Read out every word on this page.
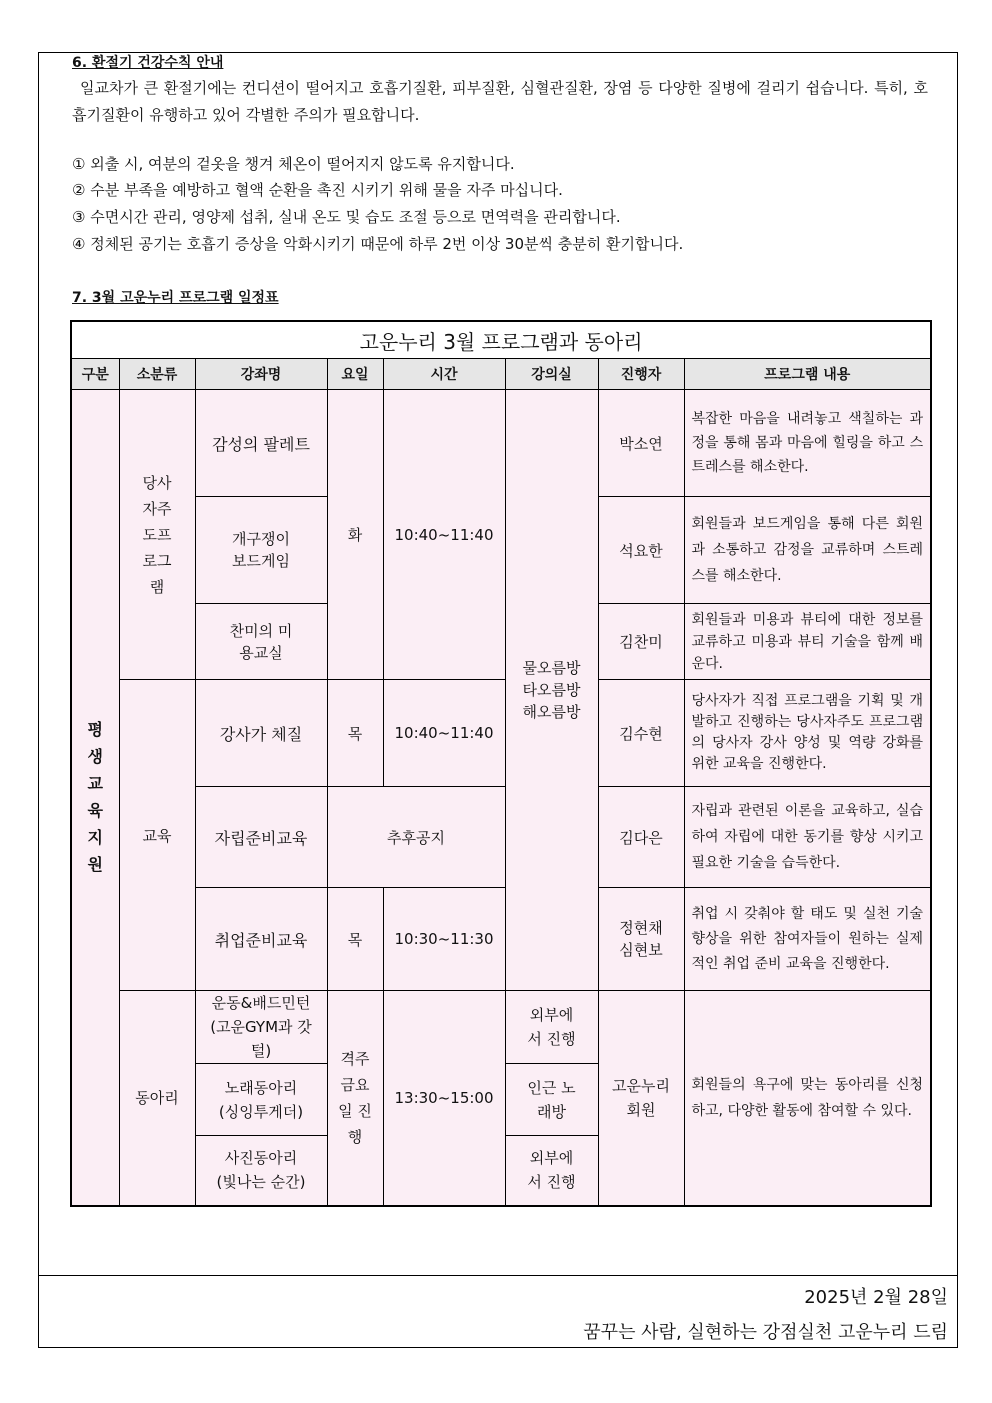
6. 환절기 건강수칙 안내
일교차가 큰 환절기에는 컨디션이 떨어지고 호흡기질환, 피부질환, 심혈관질환, 장염 등 다양한 질병에 걸리기 쉽습니다. 특히, 호흡기질환이 유행하고 있어 각별한 주의가 필요합니다.
① 외출 시, 여분의 겉옷을 챙겨 체온이 떨어지지 않도록 유지합니다.
② 수분 부족을 예방하고 혈액 순환을 촉진 시키기 위해 물을 자주 마십니다.
③ 수면시간 관리, 영양제 섭취, 실내 온도 및 습도 조절 등으로 면역력을 관리합니다.
④ 정체된 공기는 호흡기 증상을 악화시키기 때문에 하루 2번 이상 30분씩 충분히 환기합니다.
7. 3월 고운누리 프로그램 일정표
고운누리 3월 프로그램과 동아리							
구분	소분류	강좌명	요일	시간	강의실	진행자	프로그램 내용
평생교육지원	당사자주도프로그램	감성의 팔레트	화	10:40~11:40	물오름방 타오름방 해오름방	박소연	복잡한 마음을 내려놓고 색칠하는 과정을 통해 몸과 마음에 힐링을 하고 스트레스를 해소한다.
		개구쟁이 보드게임				석요한	회원들과 보드게임을 통해 다른 회원과 소통하고 감정을 교류하며 스트레스를 해소한다.
		찬미의 미용교실				김찬미	회원들과 미용과 뷰티에 대한 정보를 교류하고 미용과 뷰티 기술을 함께 배운다.
	교육	강사가 체질	목	10:40~11:40		김수현	당사자가 직접 프로그램을 기획 및 개발하고 진행하는 당사자주도 프로그램의 당사자 강사 양성 및 역량 강화를 위한 교육을 진행한다.
		자립준비교육	추후공지			김다은	자립과 관련된 이론을 교육하고, 실습하여 자립에 대한 동기를 향상 시키고 필요한 기술을 습득한다.
		취업준비교육	목	10:30~11:30		정현채 심현보	취업 시 갖춰야 할 태도 및 실천 기술 향상을 위한 참여자들이 원하는 실제적인 취업 준비 교육을 진행한다.
	동아리	운동&배드민턴 (고운GYM과 갓털)	격주 금요일 진행	13:30~15:00	외부에서 진행	고운누리 회원	회원들의 욕구에 맞는 동아리를 신청하고, 다양한 활동에 참여할 수 있다.
		노래동아리 (싱잉투게더)			인근 노래방		
		사진동아리 (빛나는 순간)			외부에서 진행		
2025년 2월 28일
꿈꾸는 사람, 실현하는 강점실천 고운누리 드림
